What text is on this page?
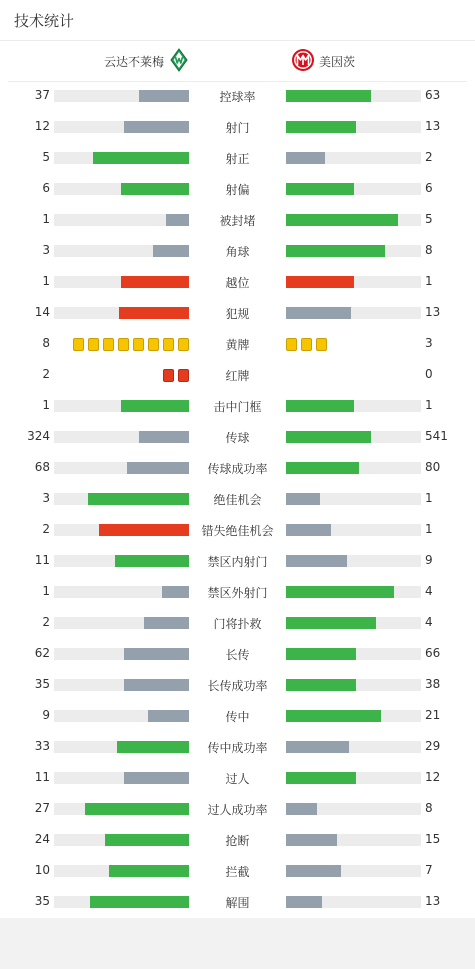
技术统计
云达不莱梅	美因茨
37	控球率	63
12	射门	13
5	射正	2
6	射偏	6
1	被封堵	5
3	角球	8
1	越位	1
14	犯规	13
8	黄牌	3
2	红牌	0
1	击中门框	1
324	传球	541
68	传球成功率	80
3	绝佳机会	1
2	错失绝佳机会	1
11	禁区内射门	9
1	禁区外射门	4
2	门将扑救	4
62	长传	66
35	长传成功率	38
9	传中	21
33	传中成功率	29
11	过人	12
27	过人成功率	8
24	抢断	15
10	拦截	7
35	解围	13
